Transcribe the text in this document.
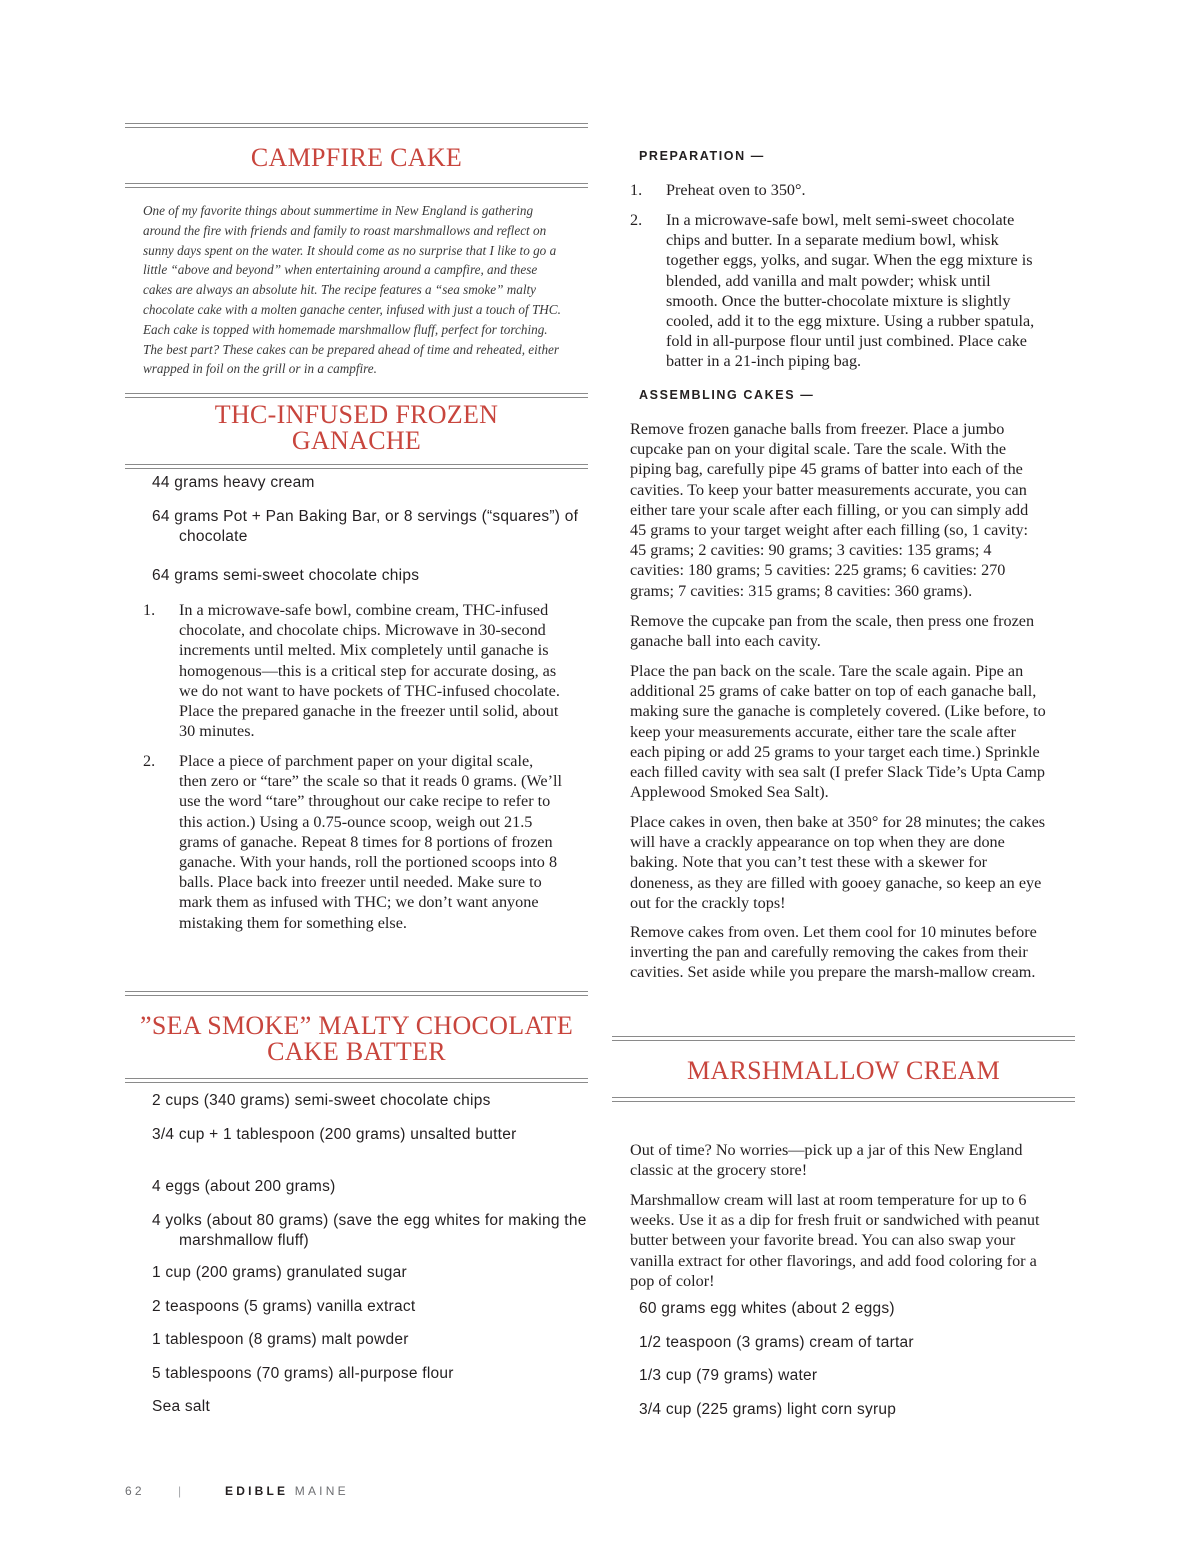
CAMPFIRE CAKE
One of my favorite things about summertime in New England is gathering around the fire with friends and family to roast marshmallows and reflect on sunny days spent on the water. It should come as no surprise that I like to go a little “above and beyond” when entertaining around a campfire, and these cakes are always an absolute hit. The recipe features a “sea smoke” malty chocolate cake with a molten ganache center, infused with just a touch of THC. Each cake is topped with homemade marshmallow fluff, perfect for torching. The best part? These cakes can be prepared ahead of time and reheated, either wrapped in foil on the grill or in a campfire.
THC-INFUSED FROZEN
GANACHE
44 grams heavy cream
64 grams Pot + Pan Baking Bar, or 8 servings (“squares”) of chocolate
64 grams semi-sweet chocolate chips
1. In a microwave-safe bowl, combine cream, THC-infused chocolate, and chocolate chips. Microwave in 30-second increments until melted. Mix completely until ganache is homogenous—this is a critical step for accurate dosing, as we do not want to have pockets of THC-infused chocolate. Place the prepared ganache in the freezer until solid, about 30 minutes.
2. Place a piece of parchment paper on your digital scale, then zero or “tare” the scale so that it reads 0 grams. (We’ll use the word “tare” throughout our cake recipe to refer to this action.) Using a 0.75-ounce scoop, weigh out 21.5 grams of ganache. Repeat 8 times for 8 portions of frozen ganache. With your hands, roll the portioned scoops into 8 balls. Place back into freezer until needed. Make sure to mark them as infused with THC; we don’t want anyone mistaking them for something else.
”SEA SMOKE” MALTY CHOCOLATE
CAKE BATTER
2 cups (340 grams) semi-sweet chocolate chips
3/4 cup + 1 tablespoon (200 grams) unsalted butter
4 eggs (about 200 grams)
4 yolks (about 80 grams) (save the egg whites for making the marshmallow fluff)
1 cup (200 grams) granulated sugar
2 teaspoons (5 grams) vanilla extract
1 tablespoon (8 grams) malt powder
5 tablespoons (70 grams) all-purpose flour
Sea salt
PREPARATION —
1. Preheat oven to 350°.
2. In a microwave-safe bowl, melt semi-sweet chocolate chips and butter. In a separate medium bowl, whisk together eggs, yolks, and sugar. When the egg mixture is blended, add vanilla and malt powder; whisk until smooth. Once the butter-chocolate mixture is slightly cooled, add it to the egg mixture. Using a rubber spatula, fold in all-purpose flour until just combined. Place cake batter in a 21-inch piping bag.
ASSEMBLING CAKES —
Remove frozen ganache balls from freezer. Place a jumbo cupcake pan on your digital scale. Tare the scale. With the piping bag, carefully pipe 45 grams of batter into each of the cavities. To keep your batter measurements accurate, you can either tare your scale after each filling, or you can simply add 45 grams to your target weight after each filling (so, 1 cavity: 45 grams; 2 cavities: 90 grams; 3 cavities: 135 grams; 4 cavities: 180 grams; 5 cavities: 225 grams; 6 cavities: 270 grams; 7 cavities: 315 grams; 8 cavities: 360 grams).
Remove the cupcake pan from the scale, then press one frozen ganache ball into each cavity.
Place the pan back on the scale. Tare the scale again. Pipe an additional 25 grams of cake batter on top of each ganache ball, making sure the ganache is completely covered. (Like before, to keep your measurements accurate, either tare the scale after each piping or add 25 grams to your target each time.) Sprinkle each filled cavity with sea salt (I prefer Slack Tide’s Upta Camp Applewood Smoked Sea Salt).
Place cakes in oven, then bake at 350° for 28 minutes; the cakes will have a crackly appearance on top when they are done baking. Note that you can’t test these with a skewer for doneness, as they are filled with gooey ganache, so keep an eye out for the crackly tops!
Remove cakes from oven. Let them cool for 10 minutes before inverting the pan and carefully removing the cakes from their cavities. Set aside while you prepare the marsh-mallow cream.
MARSHMALLOW CREAM
Out of time? No worries—pick up a jar of this New England classic at the grocery store!
Marshmallow cream will last at room temperature for up to 6 weeks. Use it as a dip for fresh fruit or sandwiched with peanut butter between your favorite bread. You can also swap your vanilla extract for other flavorings, and add food coloring for a pop of color!
60 grams egg whites (about 2 eggs)
1/2 teaspoon (3 grams) cream of tartar
1/3 cup (79 grams) water
3/4 cup (225 grams) light corn syrup
62	|	EDIBLE MAINE
